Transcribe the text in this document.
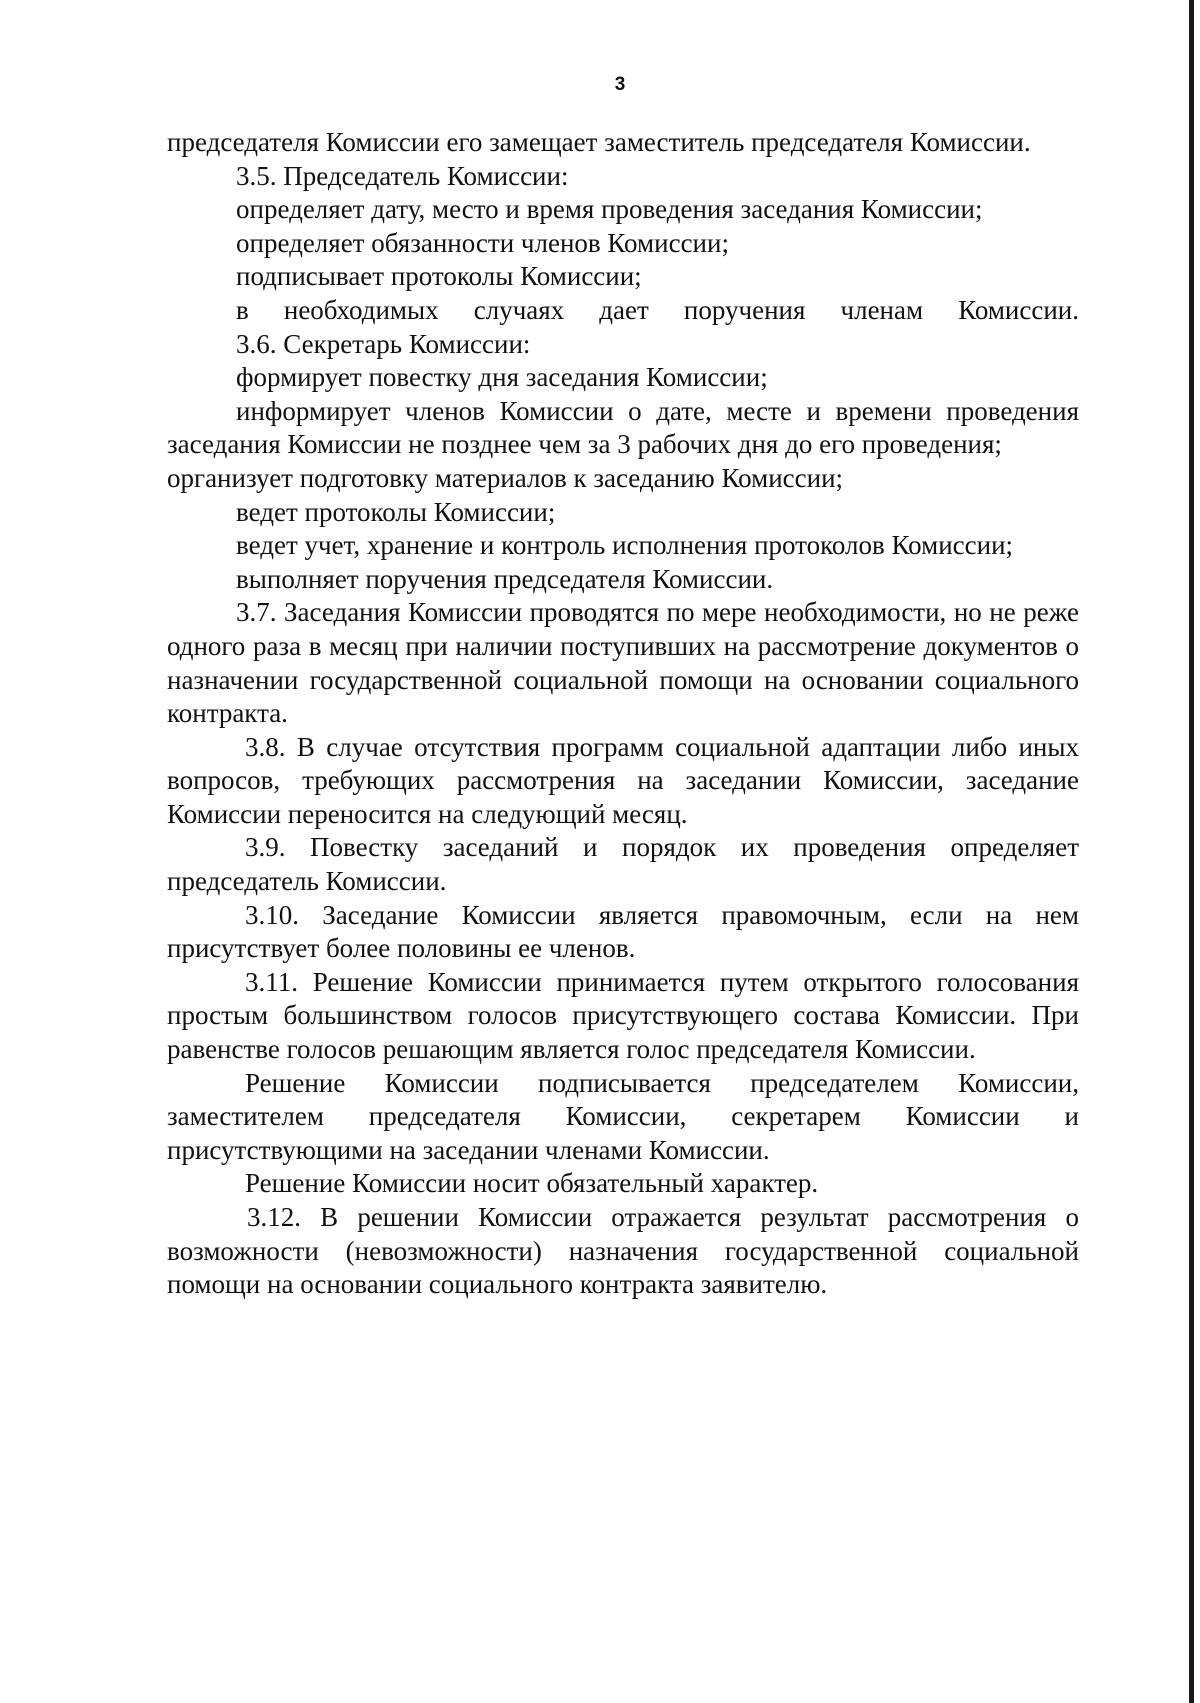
3

председателя Комиссии его замещает заместитель председателя Комиссии.

3.5. Председатель Комиссии:

определяет дату, место и время проведения заседания Комиссии;

определяет обязанности членов Комиссии;

подписывает протоколы Комиссии;

в необходимых случаях дает поручения членам Комиссии.

3.6. Секретарь Комиссии:

формирует повестку дня заседания Комиссии;

информирует членов Комиссии о дате, месте и времени проведения заседания Комиссии не позднее чем за 3 рабочих дня до его проведения;

организует подготовку материалов к заседанию Комиссии;

ведет протоколы Комиссии;

ведет учет, хранение и контроль исполнения протоколов Комиссии;

выполняет поручения председателя Комиссии.

3.7. Заседания Комиссии проводятся по мере необходимости, но не реже одного раза в месяц при наличии поступивших на рассмотрение документов о назначении государственной социальной помощи на основании социального контракта.

3.8. В случае отсутствия программ социальной адаптации либо иных вопросов, требующих рассмотрения на заседании Комиссии, заседание Комиссии переносится на следующий месяц.

3.9. Повестку заседаний и порядок их проведения определяет председатель Комиссии.

3.10. Заседание Комиссии является правомочным, если на нем присутствует более половины ее членов.

3.11. Решение Комиссии принимается путем открытого голосования простым большинством голосов присутствующего состава Комиссии. При равенстве голосов решающим является голос председателя Комиссии.

Решение Комиссии подписывается председателем Комиссии, заместителем председателя Комиссии, секретарем Комиссии и присутствующими на заседании членами Комиссии.

Решение Комиссии носит обязательный характер.

3.12. В решении Комиссии отражается результат рассмотрения о возможности (невозможности) назначения государственной социальной помощи на основании социального контракта заявителю.
